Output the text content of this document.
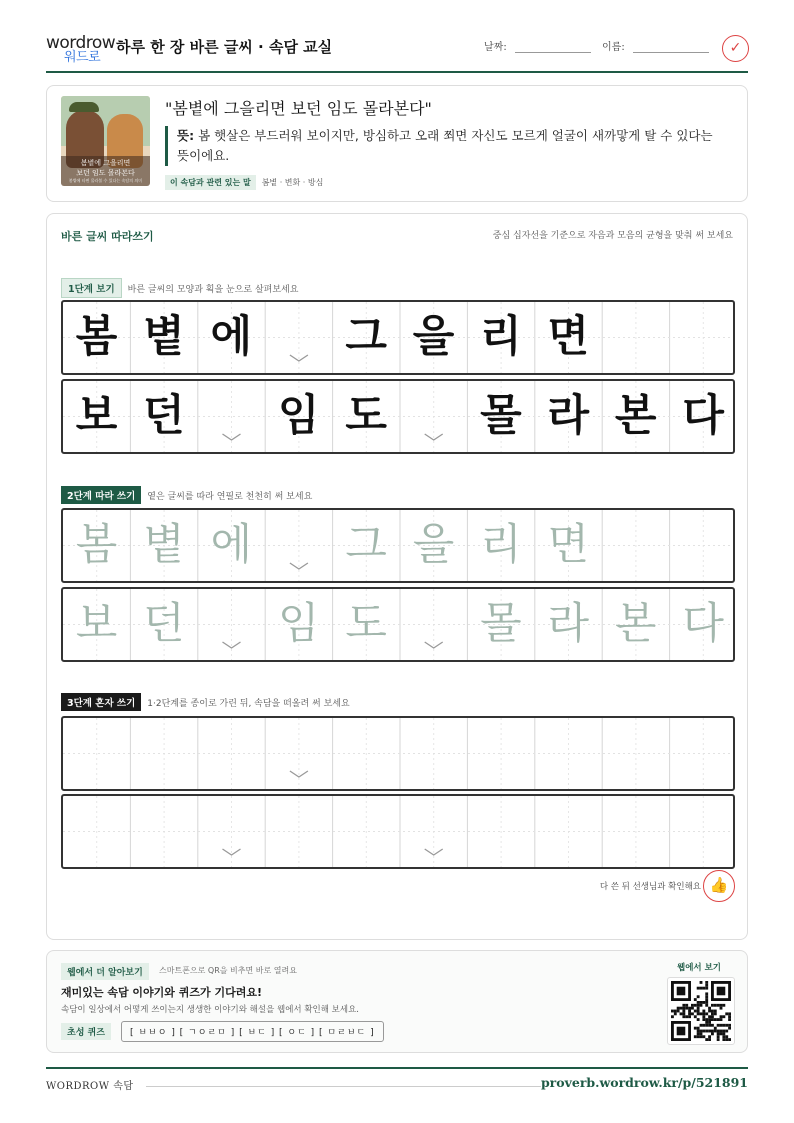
wordrow
워드로
하루 한 장 바른 글씨 · 속담 교실	날짜:	이름:	✓
봄볕에 그을리면
보던 임도 몰라본다
봄볕에 타면 몰라볼 수 있다는 속담의 의미
"봄볕에 그을리면 보던 임도 몰라본다"
뜻: 봄 햇살은 부드러워 보이지만, 방심하고 오래 쬐면 자신도 모르게 얼굴이 새까맣게 탈 수 있다는 뜻이에요.
이 속담과 관련 있는 말 봄볕 · 변화 · 방심
바른 글씨 따라쓰기	중심 십자선을 기준으로 자음과 모음의 균형을 맞춰 써 보세요
1단계 보기 바른 글씨의 모양과 획을 눈으로 살펴보세요
봄 볕 에 그 을 리 면
보 던 임 도 몰 라 본 다
2단계 따라 쓰기 옅은 글씨를 따라 연필로 천천히 써 보세요
봄 볕 에 그 을 리 면
보 던 임 도 몰 라 본 다
3단계 혼자 쓰기 1·2단계를 종이로 가린 뒤, 속담을 떠올려 써 보세요
다 쓴 뒤 선생님과 확인해요 👍
웹에서 더 알아보기	스마트폰으로 QR을 비추면 바로 열려요
재미있는 속담 이야기와 퀴즈가 기다려요!
속담이 일상에서 어떻게 쓰이는지 생생한 이야기와 해설을 웹에서 확인해 보세요.
초성 퀴즈	[ ㅂㅂㅇ ] [ ㄱㅇㄹㅁ ] [ ㅂㄷ ] [ ㅇㄷ ] [ ㅁㄹㅂㄷ ]
웹에서 보기
WORDROW 속담	proverb.wordrow.kr/p/521891
